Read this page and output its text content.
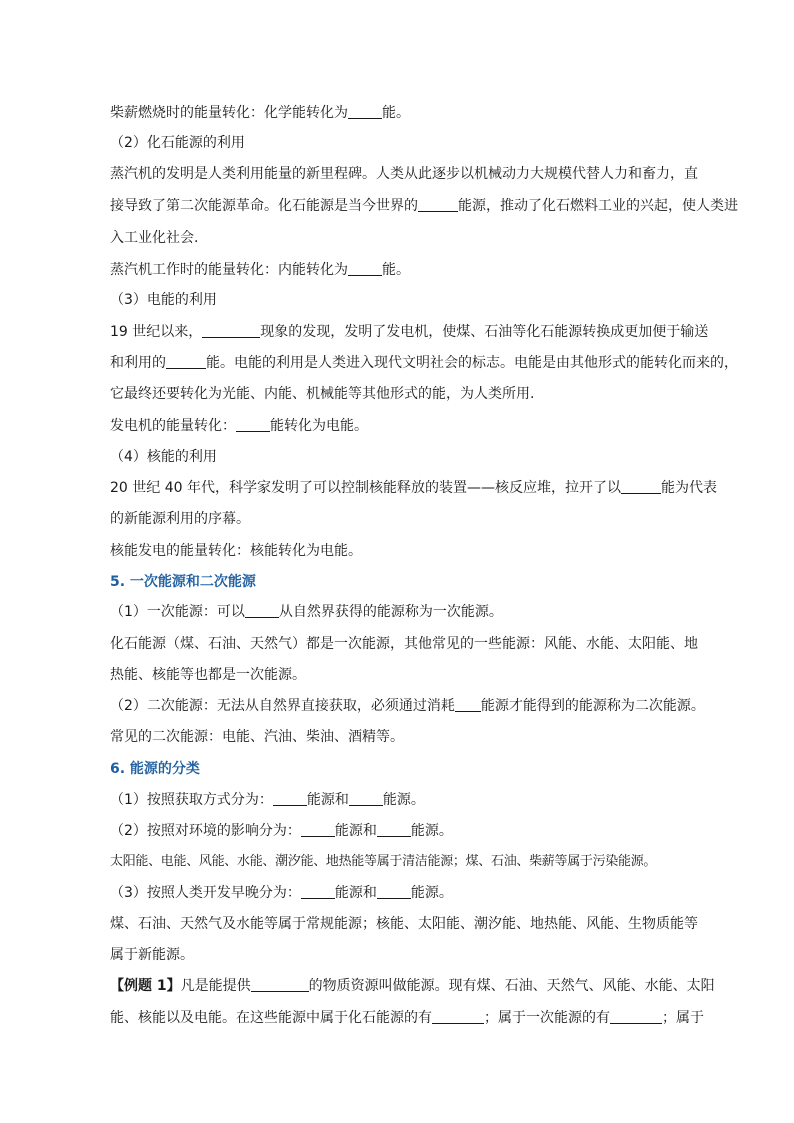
柴薪燃烧时的能量转化：化学能转化为 能。
（2）化石能源的利用
蒸汽机的发明是人类利用能量的新里程碑。人类从此逐步以机械动力大规模代替人力和畜力，直
接导致了第二次能源革命。化石能源是当今世界的	能源，推动了化石燃料工业的兴起，使人类进
入工业化社会.
蒸汽机工作时的能量转化：内能转化为 能。
（3）电能的利用
19 世纪以来，	现象的发现，发明了发电机，使煤、石油等化石能源转换成更加便于输送
和利用的	能。电能的利用是人类进入现代文明社会的标志。电能是由其他形式的能转化而来的，
它最终还要转化为光能、内能、机械能等其他形式的能，为人类所用.
发电机的能量转化： 能转化为电能。
（4）核能的利用
20 世纪 40 年代，科学家发明了可以控制核能释放的装置——核反应堆，拉开了以	能为代表
的新能源利用的序幕。
核能发电的能量转化：核能转化为电能。
5. 一次能源和二次能源
（1）一次能源：可以 从自然界获得的能源称为一次能源。
化石能源（煤、石油、天然气）都是一次能源，其他常见的一些能源：风能、水能、太阳能、地
热能、核能等也都是一次能源。
（2）二次能源：无法从自然界直接获取，必须通过消耗 能源才能得到的能源称为二次能源。
常见的二次能源：电能、汽油、柴油、酒精等。
6. 能源的分类
（1）按照获取方式分为： 能源和 能源。
（2）按照对环境的影响分为： 能源和 能源。
太阳能、电能、风能、水能、潮汐能、地热能等属于清洁能源；煤、石油、柴薪等属于污染能源。
（3）按照人类开发早晚分为： 能源和 能源。
煤、石油、天然气及水能等属于常规能源；核能、太阳能、潮汐能、地热能、风能、生物质能等
属于新能源。
【例题 1】凡是能提供	的物质资源叫做能源。现有煤、石油、天然气、风能、水能、太阳
能、核能以及电能。在这些能源中属于化石能源的有	；属于一次能源的有	；属于
